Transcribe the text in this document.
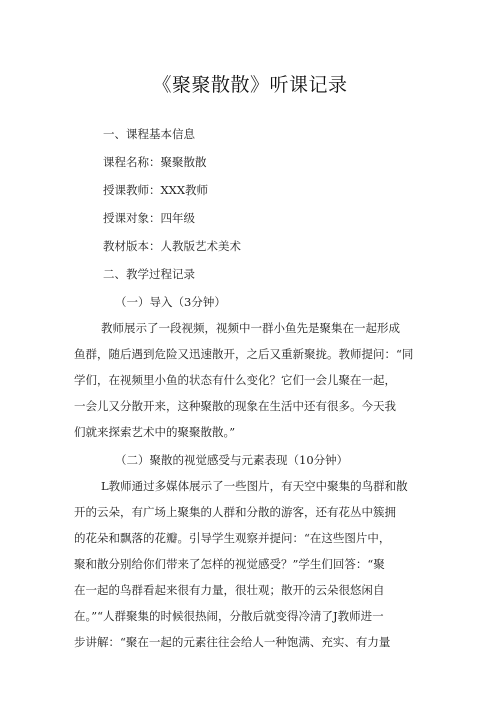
《聚聚散散》听课记录
一、课程基本信息
课程名称：聚聚散散
授课教师：XXX教师
授课对象：四年级
教材版本：人教版艺术美术
二、教学过程记录
（一）导入（3分钟）
教师展示了一段视频，视频中一群小鱼先是聚集在一起形成
鱼群，随后遇到危险又迅速散开，之后又重新聚拢。教师提问：“同
学们，在视频里小鱼的状态有什么变化？它们一会儿聚在一起，
一会儿又分散开来，这种聚散的现象在生活中还有很多。今天我
们就来探索艺术中的聚聚散散。”
（二）聚散的视觉感受与元素表现（10分钟）
L教师通过多媒体展示了一些图片，有天空中聚集的鸟群和散
开的云朵，有广场上聚集的人群和分散的游客，还有花丛中簇拥
的花朵和飘落的花瓣。引导学生观察并提问：“在这些图片中，
聚和散分别给你们带来了怎样的视觉感受？”学生们回答：“聚
在一起的鸟群看起来很有力量，很壮观；散开的云朵很悠闲自
在。”“人群聚集的时候很热闹，分散后就变得冷清了J教师进一
步讲解：“聚在一起的元素往往会给人一种饱满、充实、有力量
